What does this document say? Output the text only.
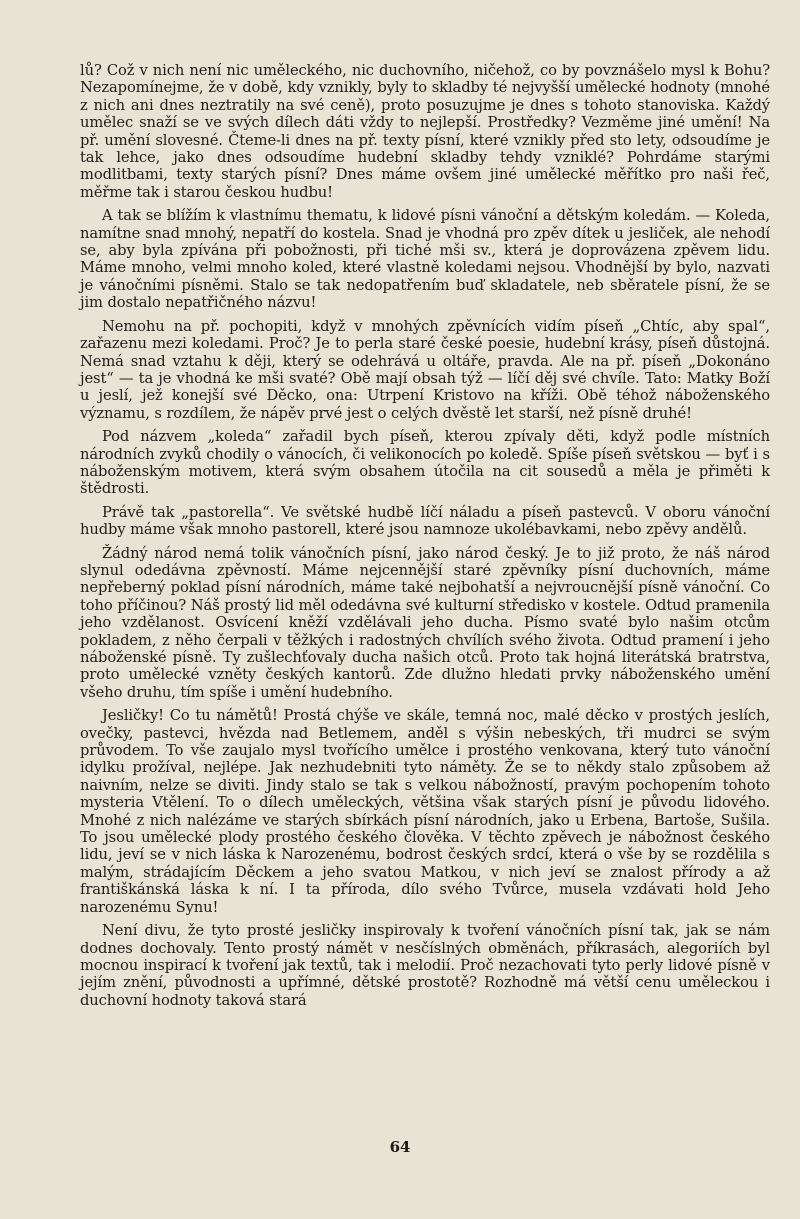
lů? Což v nich není nic uměleckého, nic duchovního, ničehož, co by povznášelo mysl k Bohu? Nezapomínejme, že v době, kdy vznikly, byly to skladby té nejvyšší umělecké hodnoty (mnohé z nich ani dnes neztratily na své ceně), proto posuzujme je dnes s tohoto stanoviska. Každý umělec snaží se ve svých dílech dáti vždy to nejlepší. Prostředky? Vezměme jiné umění! Na př. umění slovesné. Čteme-li dnes na př. texty písní, které vznikly před sto lety, odsoudíme je tak lehce, jako dnes odsoudíme hudební skladby tehdy vzniklé? Pohrdáme starými modlitbami, texty starých písní? Dnes máme ovšem jiné umělecké měřítko pro naši řeč, měřme tak i starou českou hudbu!

A tak se blížím k vlastnímu thematu, k lidové písni vánoční a dětským koledám. — Koleda, namítne snad mnohý, nepatří do kostela. Snad je vhodná pro zpěv dítek u jesliček, ale nehodí se, aby byla zpívána při pobožnosti, při tiché mši sv., která je doprovázena zpěvem lidu. Máme mnoho, velmi mnoho koled, které vlastně koledami nejsou. Vhodnější by bylo, nazvati je vánočními písněmi. Stalo se tak nedopatřením buď skladatele, neb sběratele písní, že se jim dostalo nepatřičného názvu!

Nemohu na př. pochopiti, když v mnohých zpěvnících vidím píseň „Chtíc, aby spal“, zařazenu mezi koledami. Proč? Je to perla staré české poesie, hudební krásy, píseň důstojná. Nemá snad vztahu k ději, který se odehrává u oltáře, pravda. Ale na př. píseň „Dokonáno jest“ — ta je vhodná ke mši svaté? Obě mají obsah týž — líčí děj své chvíle. Tato: Matky Boží u jeslí, jež konejší své Děcko, ona: Utrpení Kristovo na kříži. Obě téhož náboženského významu, s rozdílem, že nápěv prvé jest o celých dvěstě let starší, než písně druhé!

Pod názvem „koleda“ zařadil bych píseň, kterou zpívaly děti, když podle místních národních zvyků chodily o vánocích, či velikonocích po koledě. Spíše píseň světskou — byť i s náboženským motivem, která svým obsahem útočila na cit sousedů a měla je přiměti k štědrosti.

Právě tak „pastorella“. Ve světské hudbě líčí náladu a píseň pastevců. V oboru vánoční hudby máme však mnoho pastorell, které jsou namnoze ukolébavkami, nebo zpěvy andělů.

Žádný národ nemá tolik vánočních písní, jako národ český. Je to již proto, že náš národ slynul odedávna zpěvností. Máme nejcennější staré zpěvníky písní duchovních, máme nepřeberný poklad písní národních, máme také nejbohatší a nejvroucnější písně vánoční. Co toho příčinou? Náš prostý lid měl odedávna své kulturní středisko v kostele. Odtud pramenila jeho vzdělanost. Osvícení kněží vzdělávali jeho ducha. Písmo svaté bylo našim otcům pokladem, z něho čerpali v těžkých i radostných chvílích svého života. Odtud pramení i jeho náboženské písně. Ty zušlechťovaly ducha našich otců. Proto tak hojná literátská bratrstva, proto umělecké vzněty českých kantorů. Zde dlužno hledati prvky náboženského umění všeho druhu, tím spíše i umění hudebního.

Jesličky! Co tu námětů! Prostá chýše ve skále, temná noc, malé děcko v prostých jeslích, ovečky, pastevci, hvězda nad Betlemem, anděl s výšin nebeských, tři mudrci se svým průvodem. To vše zaujalo mysl tvořícího umělce i prostého venkovana, který tuto vánoční idylku prožíval, nejlépe. Jak nezhudebniti tyto náměty. Že se to někdy stalo způsobem až naivním, nelze se diviti. Jindy stalo se tak s velkou nábožností, pravým pochopením tohoto mysteria Vtělení. To o dílech uměleckých, většina však starých písní je původu lidového. Mnohé z nich nalézáme ve starých sbírkách písní národních, jako u Erbena, Bartoše, Sušila. To jsou umělecké plody prostého českého člověka. V těchto zpěvech je nábožnost českého lidu, jeví se v nich láska k Narozenému, bodrost českých srdcí, která o vše by se rozdělila s malým, strádajícím Děckem a jeho svatou Matkou, v nich jeví se znalost přírody a až františkánská láska k ní. I ta příroda, dílo svého Tvůrce, musela vzdávati hold Jeho narozenému Synu!

Není divu, že tyto prosté jesličky inspirovaly k tvoření vánočních písní tak, jak se nám dodnes dochovaly. Tento prostý námět v nesčíslných obměnách, příkrasách, alegoriích byl mocnou inspirací k tvoření jak textů, tak i melodií. Proč nezachovati tyto perly lidové písně v jejím znění, původnosti a upřímné, dětské prostotě? Rozhodně má větší cenu uměleckou i duchovní hodnoty taková stará

64
